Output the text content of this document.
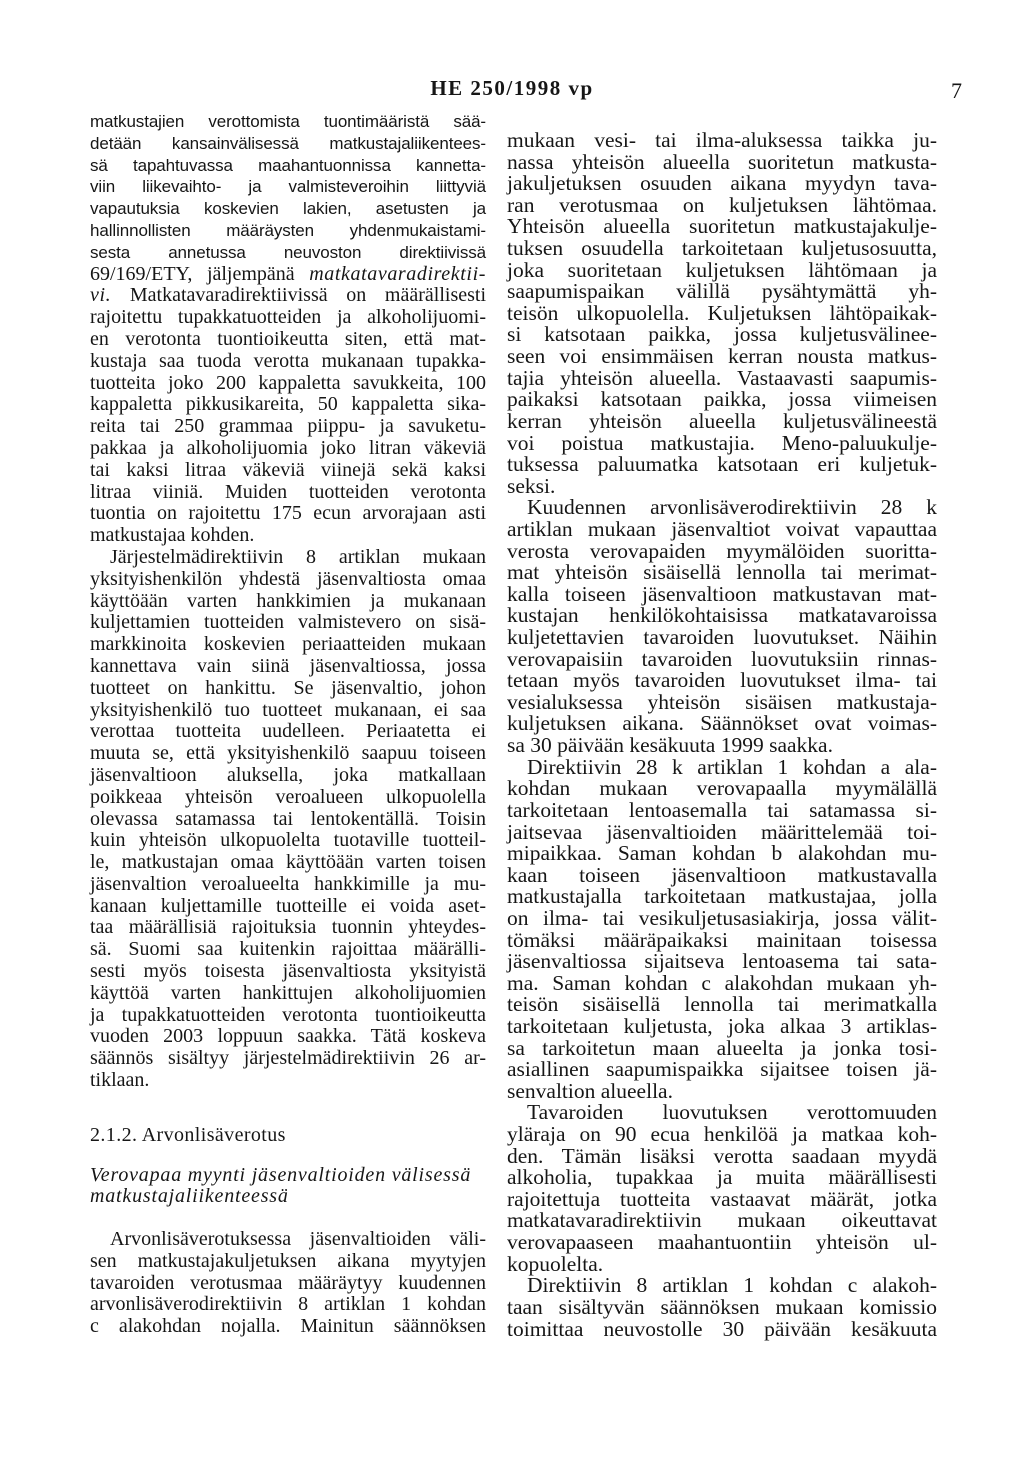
HE 250/1998 vp	7
matkustajien verottomista tuontimääristä sää-
detään kansainvälisessä matkustajaliikentees-
sä tapahtuvassa maahantuonnissa kannetta-
viin liikevaihto- ja valmisteveroihin liittyviä
vapautuksia koskevien lakien, asetusten ja
hallinnollisten määräysten yhdenmukaistami-
sesta annetussa neuvoston direktiivissä
69/169/ETY, jäljempänä matkatavaradirektii-
vi. Matkatavaradirektiivissä on määrällisesti
rajoitettu tupakkatuotteiden ja alkoholijuomi-
en verotonta tuontioikeutta siten, että mat-
kustaja saa tuoda verotta mukanaan tupakka-
tuotteita joko 200 kappaletta savukkeita, 100
kappaletta pikkusikareita, 50 kappaletta sika-
reita tai 250 grammaa piippu- ja savuketu-
pakkaa ja alkoholijuomia joko litran väkeviä
tai kaksi litraa väkeviä viinejä sekä kaksi
litraa viiniä. Muiden tuotteiden verotonta
tuontia on rajoitettu 175 ecun arvorajaan asti
matkustajaa kohden.
Järjestelmädirektiivin 8 artiklan mukaan
yksityishenkilön yhdestä jäsenvaltiosta omaa
käyttöään varten hankkimien ja mukanaan
kuljettamien tuotteiden valmistevero on sisä-
markkinoita koskevien periaatteiden mukaan
kannettava vain siinä jäsenvaltiossa, jossa
tuotteet on hankittu. Se jäsenvaltio, johon
yksityishenkilö tuo tuotteet mukanaan, ei saa
verottaa tuotteita uudelleen. Periaatetta ei
muuta se, että yksityishenkilö saapuu toiseen
jäsenvaltioon aluksella, joka matkallaan
poikkeaa yhteisön veroalueen ulkopuolella
olevassa satamassa tai lentokentällä. Toisin
kuin yhteisön ulkopuolelta tuotaville tuotteil-
le, matkustajan omaa käyttöään varten toisen
jäsenvaltion veroalueelta hankkimille ja mu-
kanaan kuljettamille tuotteille ei voida aset-
taa määrällisiä rajoituksia tuonnin yhteydes-
sä. Suomi saa kuitenkin rajoittaa määrälli-
sesti myös toisesta jäsenvaltiosta yksityistä
käyttöä varten hankittujen alkoholijuomien
ja tupakkatuotteiden verotonta tuontioikeutta
vuoden 2003 loppuun saakka. Tätä koskeva
säännös sisältyy järjestelmädirektiivin 26 ar-
tiklaan.
2.1.2. Arvonlisäverotus
Verovapaa myynti jäsenvaltioiden välisessä
matkustajaliikenteessä
Arvonlisäverotuksessa jäsenvaltioiden väli-
sen matkustajakuljetuksen aikana myytyjen
tavaroiden verotusmaa määräytyy kuudennen
arvonlisäverodirektiivin 8 artiklan 1 kohdan
c alakohdan nojalla. Mainitun säännöksen
mukaan vesi- tai ilma-aluksessa taikka ju-
nassa yhteisön alueella suoritetun matkusta-
jakuljetuksen osuuden aikana myydyn tava-
ran verotusmaa on kuljetuksen lähtömaa.
Yhteisön alueella suoritetun matkustajakulje-
tuksen osuudella tarkoitetaan kuljetusosuutta,
joka suoritetaan kuljetuksen lähtömaan ja
saapumispaikan välillä pysähtymättä yh-
teisön ulkopuolella. Kuljetuksen lähtöpaikak-
si katsotaan paikka, jossa kuljetusvälinee-
seen voi ensimmäisen kerran nousta matkus-
tajia yhteisön alueella. Vastaavasti saapumis-
paikaksi katsotaan paikka, jossa viimeisen
kerran yhteisön alueella kuljetusvälineestä
voi poistua matkustajia. Meno-paluukulje-
tuksessa paluumatka katsotaan eri kuljetuk-
seksi.
Kuudennen arvonlisäverodirektiivin 28 k
artiklan mukaan jäsenvaltiot voivat vapauttaa
verosta verovapaiden myymälöiden suoritta-
mat yhteisön sisäisellä lennolla tai merimat-
kalla toiseen jäsenvaltioon matkustavan mat-
kustajan henkilökohtaisissa matkatavaroissa
kuljetettavien tavaroiden luovutukset. Näihin
verovapaisiin tavaroiden luovutuksiin rinnas-
tetaan myös tavaroiden luovutukset ilma- tai
vesialuksessa yhteisön sisäisen matkustaja-
kuljetuksen aikana. Säännökset ovat voimas-
sa 30 päivään kesäkuuta 1999 saakka.
Direktiivin 28 k artiklan 1 kohdan a ala-
kohdan mukaan verovapaalla myymälällä
tarkoitetaan lentoasemalla tai satamassa si-
jaitsevaa jäsenvaltioiden määrittelemää toi-
mipaikkaa. Saman kohdan b alakohdan mu-
kaan toiseen jäsenvaltioon matkustavalla
matkustajalla tarkoitetaan matkustajaa, jolla
on ilma- tai vesikuljetusasiakirja, jossa välit-
tömäksi määräpaikaksi mainitaan toisessa
jäsenvaltiossa sijaitseva lentoasema tai sata-
ma. Saman kohdan c alakohdan mukaan yh-
teisön sisäisellä lennolla tai merimatkalla
tarkoitetaan kuljetusta, joka alkaa 3 artiklas-
sa tarkoitetun maan alueelta ja jonka tosi-
asiallinen saapumispaikka sijaitsee toisen jä-
senvaltion alueella.
Tavaroiden luovutuksen verottomuuden
yläraja on 90 ecua henkilöä ja matkaa koh-
den. Tämän lisäksi verotta saadaan myydä
alkoholia, tupakkaa ja muita määrällisesti
rajoitettuja tuotteita vastaavat määrät, jotka
matkatavaradirektiivin mukaan oikeuttavat
verovapaaseen maahantuontiin yhteisön ul-
kopuolelta.
Direktiivin 8 artiklan 1 kohdan c alakoh-
taan sisältyvän säännöksen mukaan komissio
toimittaa neuvostolle 30 päivään kesäkuuta
